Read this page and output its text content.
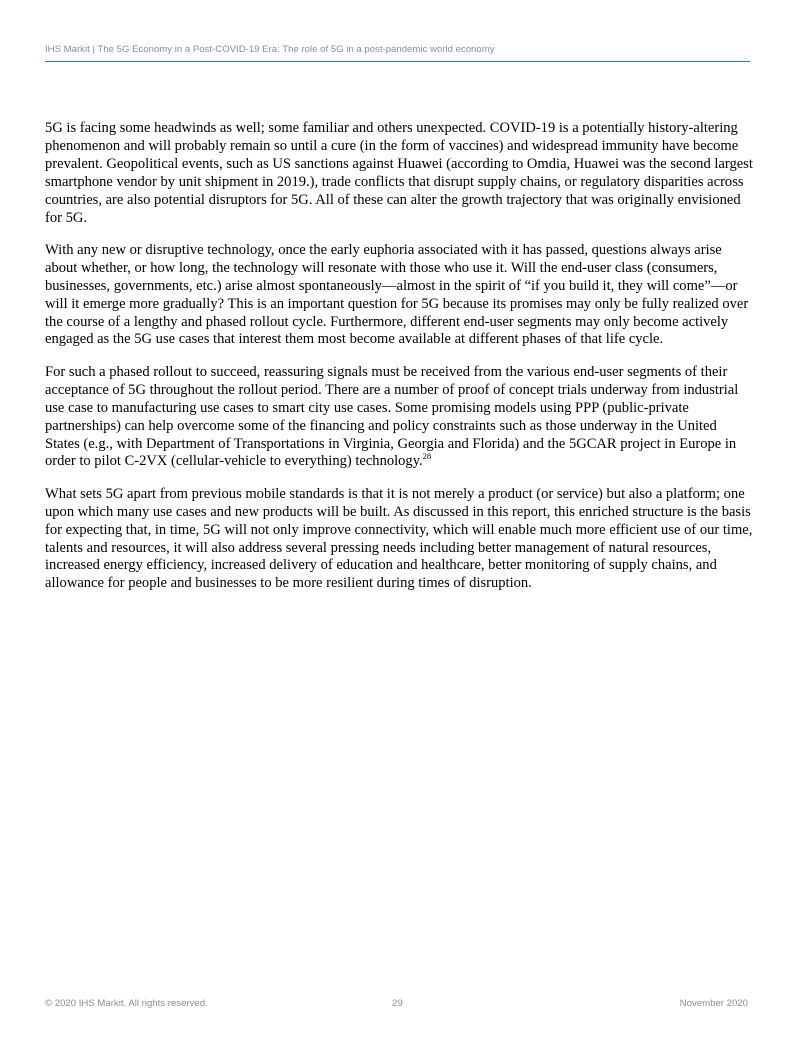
IHS Markit | The 5G Economy in a Post-COVID-19 Era: The role of 5G in a post-pandemic world economy

5G is facing some headwinds as well; some familiar and others unexpected. COVID-19 is a potentially history-altering phenomenon and will probably remain so until a cure (in the form of vaccines) and widespread immunity have become prevalent. Geopolitical events, such as US sanctions against Huawei (according to Omdia, Huawei was the second largest smartphone vendor by unit shipment in 2019.), trade conflicts that disrupt supply chains, or regulatory disparities across countries, are also potential disruptors for 5G. All of these can alter the growth trajectory that was originally envisioned for 5G.

With any new or disruptive technology, once the early euphoria associated with it has passed, questions always arise about whether, or how long, the technology will resonate with those who use it. Will the end-user class (consumers, businesses, governments, etc.) arise almost spontaneously—almost in the spirit of “if you build it, they will come”—or will it emerge more gradually? This is an important question for 5G because its promises may only be fully realized over the course of a lengthy and phased rollout cycle. Furthermore, different end-user segments may only become actively engaged as the 5G use cases that interest them most become available at different phases of that life cycle.

For such a phased rollout to succeed, reassuring signals must be received from the various end-user segments of their acceptance of 5G throughout the rollout period. There are a number of proof of concept trials underway from industrial use case to manufacturing use cases to smart city use cases. Some promising models using PPP (public-private partnerships) can help overcome some of the financing and policy constraints such as those underway in the United States (e.g., with Department of Transportations in Virginia, Georgia and Florida) and the 5GCAR project in Europe in order to pilot C-2VX (cellular-vehicle to everything) technology.$^{28}$

What sets 5G apart from previous mobile standards is that it is not merely a product (or service) but also a platform; one upon which many use cases and new products will be built. As discussed in this report, this enriched structure is the basis for expecting that, in time, 5G will not only improve connectivity, which will enable much more efficient use of our time, talents and resources, it will also address several pressing needs including better management of natural resources, increased energy efficiency, increased delivery of education and healthcare, better monitoring of supply chains, and allowance for people and businesses to be more resilient during times of disruption.

© 2020 IHS Markit. All rights reserved.	29	November 2020
